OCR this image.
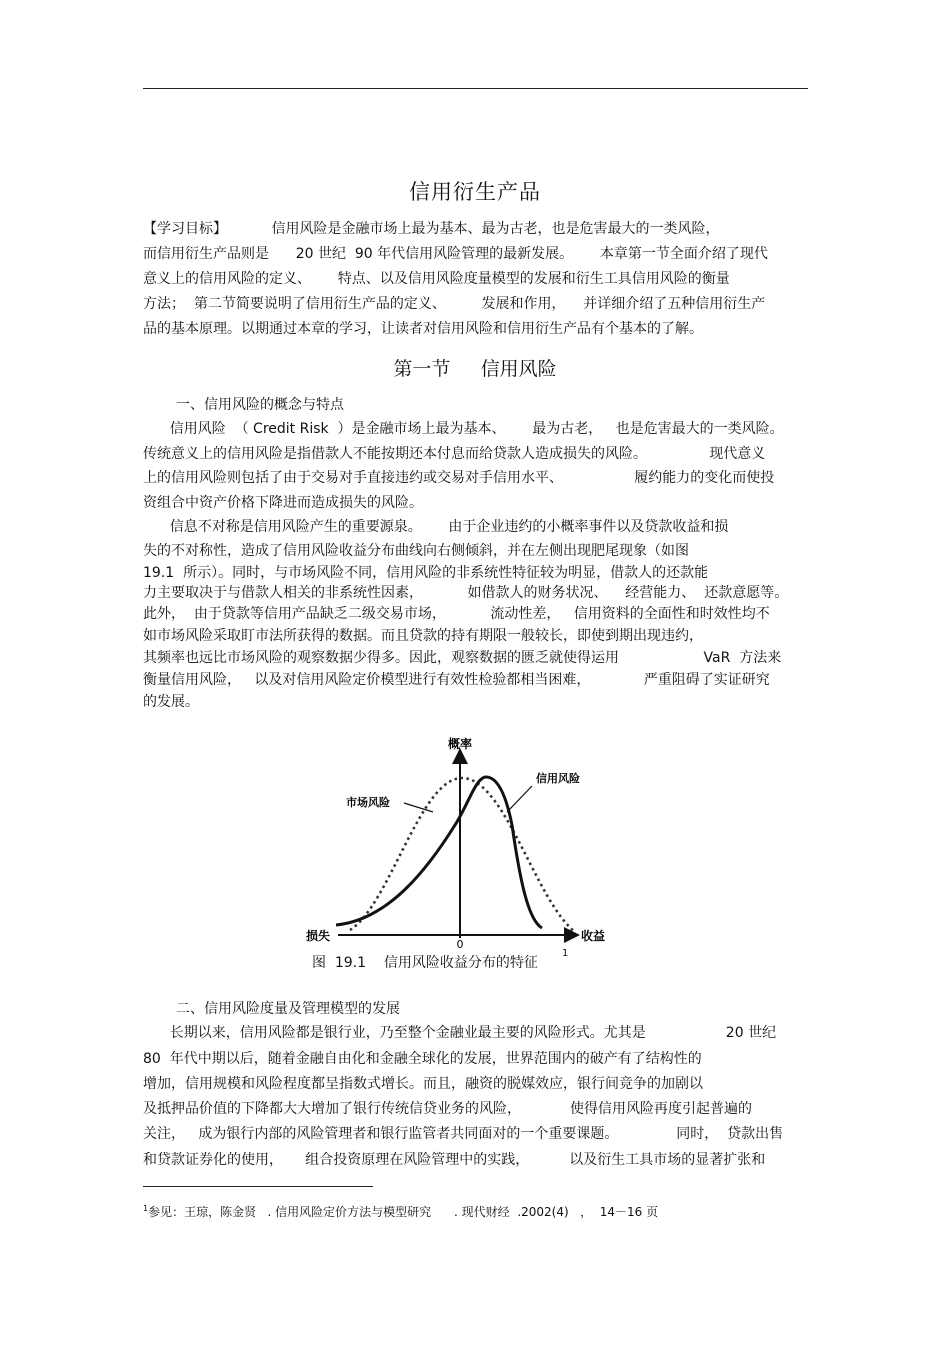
信用衍生产品
【学习目标】          信用风险是金融市场上最为基本、最为古老，也是危害最大的一类风险，
而信用衍生产品则是      20 世纪  90 年代信用风险管理的最新发展。      本章第一节全面介绍了现代
意义上的信用风险的定义、      特点、以及信用风险度量模型的发展和衍生工具信用风险的衡量
方法；  第二节简要说明了信用衍生产品的定义、        发展和作用，    并详细介绍了五种信用衍生产
品的基本原理。以期通过本章的学习，让读者对信用风险和信用衍生产品有个基本的了解。
第一节     信用风险
一、信用风险的概念与特点
信用风险  （ Credit Risk  ）是金融市场上最为基本、      最为古老，   也是危害最大的一类风险。
传统意义上的信用风险是指借款人不能按期还本付息而给贷款人造成损失的风险。              现代意义
上的信用风险则包括了由于交易对手直接违约或交易对手信用水平、                履约能力的变化而使投
资组合中资产价格下降进而造成损失的风险。
信息不对称是信用风险产生的重要源泉。      由于企业违约的小概率事件以及贷款收益和损
失的不对称性，造成了信用风险收益分布曲线向右侧倾斜，并在左侧出现肥尾现象（如图
19.1  所示）。同时，与市场风险不同，信用风险的非系统性特征较为明显，借款人的还款能
力主要取决于与借款人相关的非系统性因素，          如借款人的财务状况、    经营能力、  还款意愿等。
此外，  由于贷款等信用产品缺乏二级交易市场，          流动性差，   信用资料的全面性和时效性均不
如市场风险采取盯市法所获得的数据。而且贷款的持有期限一般较长，即使到期出现违约，
其频率也远比市场风险的观察数据少得多。因此，观察数据的匮乏就使得运用                   VaR  方法来
衡量信用风险，   以及对信用风险定价模型进行有效性检验都相当困难，            严重阻碍了实证研究
的发展。
概率
收益
损失
0
市场风险
信用风险
图  19.1    信用风险收益分布的特征
1
二、信用风险度量及管理模型的发展
长期以来，信用风险都是银行业，乃至整个金融业最主要的风险形式。尤其是                  20 世纪
80  年代中期以后，随着金融自由化和金融全球化的发展，世界范围内的破产有了结构性的
增加，信用规模和风险程度都呈指数式增长。而且，融资的脱媒效应，银行间竞争的加剧以
及抵押品价值的下降都大大增加了银行传统信贷业务的风险，           使得信用风险再度引起普遍的
关注，   成为银行内部的风险管理者和银行监管者共同面对的一个重要课题。             同时，  贷款出售
和贷款证券化的使用，     组合投资原理在风险管理中的实践，         以及衍生工具市场的显著扩张和
$^1$参见：王琼，陈金贤   . 信用风险定价方法与模型研究      . 现代财经  .2002(4)   ，  14－16 页
